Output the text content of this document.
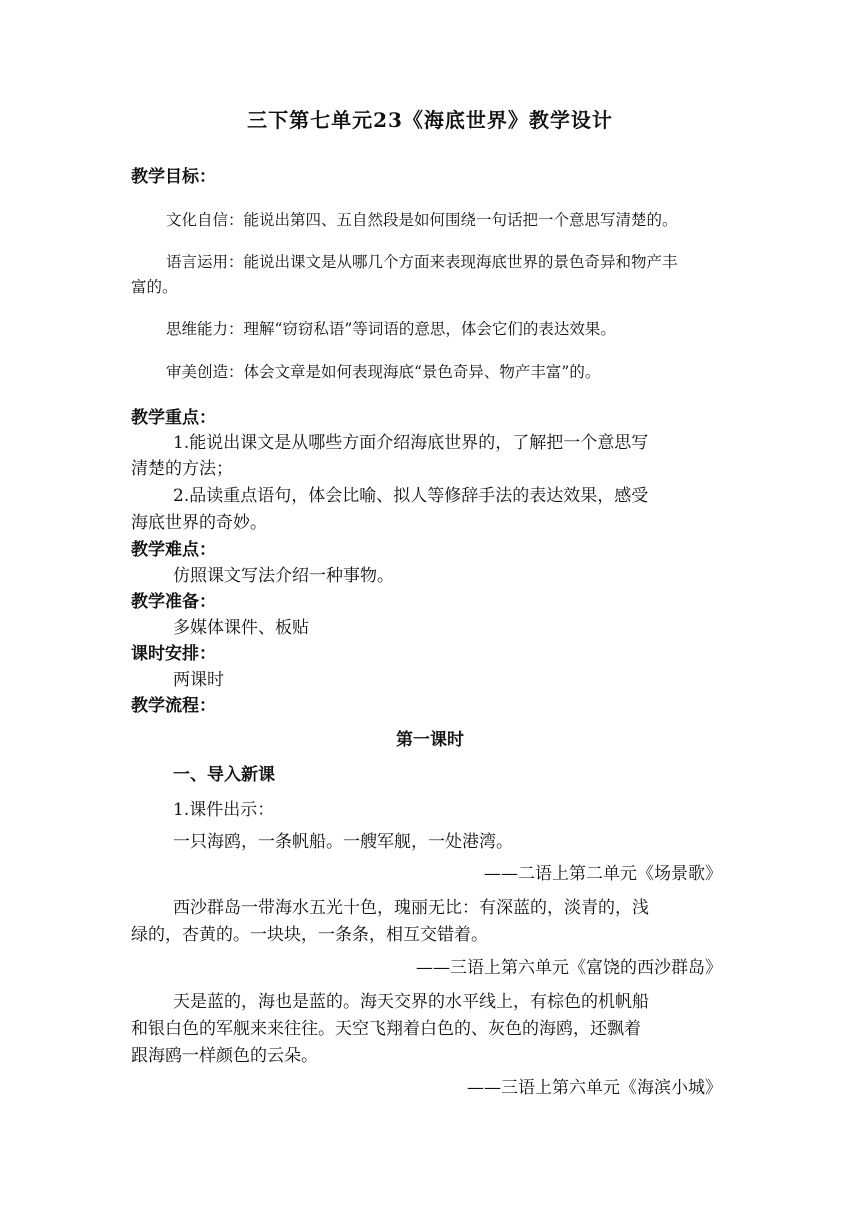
三下第七单元23《海底世界》教学设计
教学目标：
文化自信：能说出第四、五自然段是如何围绕一句话把一个意思写清楚的。
语言运用：能说出课文是从哪几个方面来表现海底世界的景色奇异和物产丰
富的。
思维能力：理解“窃窃私语”等词语的意思，体会它们的表达效果。
审美创造：体会文章是如何表现海底“景色奇异、物产丰富”的。
教学重点：
1.能说出课文是从哪些方面介绍海底世界的，了解把一个意思写
清楚的方法；
2.品读重点语句，体会比喻、拟人等修辞手法的表达效果，感受
海底世界的奇妙。
教学难点：
仿照课文写法介绍一种事物。
教学准备：
多媒体课件、板贴
课时安排：
两课时
教学流程：
第一课时
一、导入新课
1.课件出示：
一只海鸥，一条帆船。一艘军舰，一处港湾。
——二语上第二单元《场景歌》
西沙群岛一带海水五光十色，瑰丽无比：有深蓝的，淡青的，浅
绿的，杏黄的。一块块，一条条，相互交错着。
——三语上第六单元《富饶的西沙群岛》
天是蓝的，海也是蓝的。海天交界的水平线上，有棕色的机帆船
和银白色的军舰来来往往。天空飞翔着白色的、灰色的海鸥，还飘着
跟海鸥一样颜色的云朵。
——三语上第六单元《海滨小城》
